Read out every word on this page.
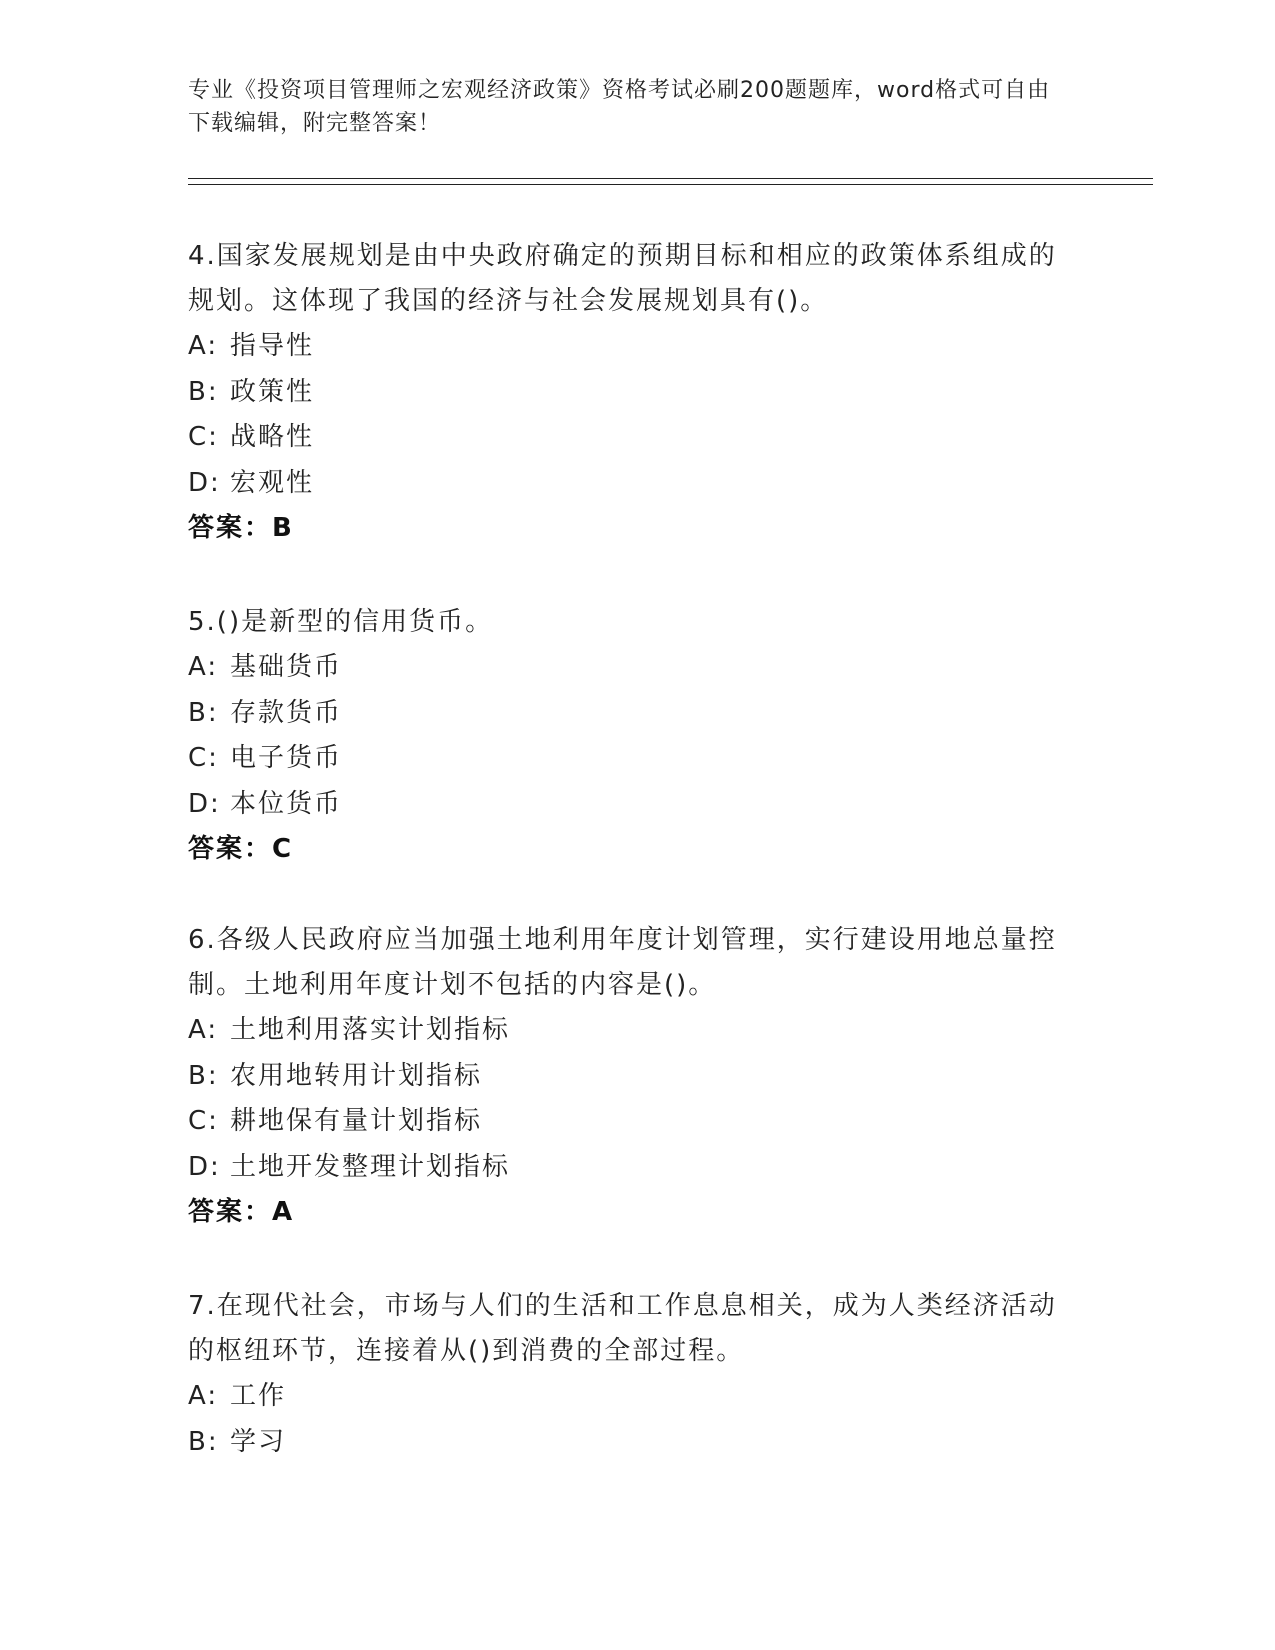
专业《投资项目管理师之宏观经济政策》资格考试必刷200题题库，word格式可自由下载编辑，附完整答案！
4.国家发展规划是由中央政府确定的预期目标和相应的政策体系组成的规划。这体现了我国的经济与社会发展规划具有()。
A: 指导性
B: 政策性
C: 战略性
D: 宏观性
答案：B
5.()是新型的信用货币。
A: 基础货币
B: 存款货币
C: 电子货币
D: 本位货币
答案：C
6.各级人民政府应当加强土地利用年度计划管理，实行建设用地总量控制。土地利用年度计划不包括的内容是()。
A: 土地利用落实计划指标
B: 农用地转用计划指标
C: 耕地保有量计划指标
D: 土地开发整理计划指标
答案：A
7.在现代社会，市场与人们的生活和工作息息相关，成为人类经济活动的枢纽环节，连接着从()到消费的全部过程。
A: 工作
B: 学习
